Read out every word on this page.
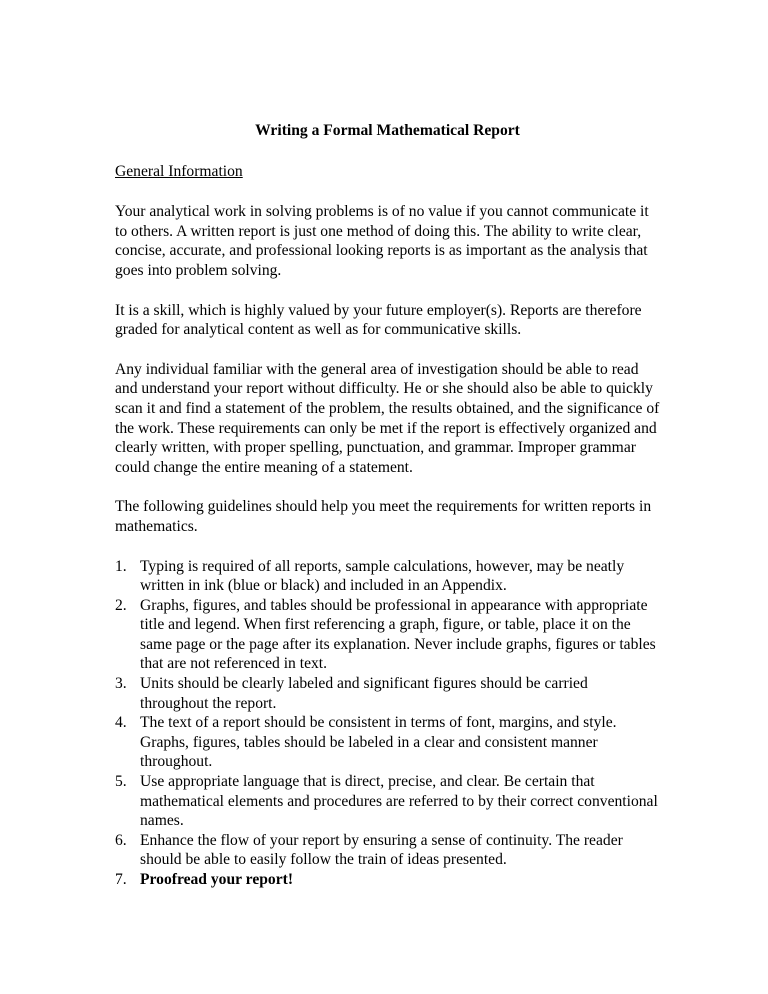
Writing a Formal Mathematical Report
General Information

Your analytical work in solving problems is of no value if you cannot communicate it to others. A written report is just one method of doing this. The ability to write clear, concise, accurate, and professional looking reports is as important as the analysis that goes into problem solving.

It is a skill, which is highly valued by your future employer(s). Reports are therefore graded for analytical content as well as for communicative skills.

Any individual familiar with the general area of investigation should be able to read and understand your report without difficulty. He or she should also be able to quickly scan it and find a statement of the problem, the results obtained, and the significance of the work. These requirements can only be met if the report is effectively organized and clearly written, with proper spelling, punctuation, and grammar. Improper grammar could change the entire meaning of a statement.

The following guidelines should help you meet the requirements for written reports in mathematics.

1. Typing is required of all reports, sample calculations, however, may be neatly written in ink (blue or black) and included in an Appendix.
2. Graphs, figures, and tables should be professional in appearance with appropriate title and legend. When first referencing a graph, figure, or table, place it on the same page or the page after its explanation. Never include graphs, figures or tables that are not referenced in text.
3. Units should be clearly labeled and significant figures should be carried throughout the report.
4. The text of a report should be consistent in terms of font, margins, and style. Graphs, figures, tables should be labeled in a clear and consistent manner throughout.
5. Use appropriate language that is direct, precise, and clear. Be certain that mathematical elements and procedures are referred to by their correct conventional names.
6. Enhance the flow of your report by ensuring a sense of continuity. The reader should be able to easily follow the train of ideas presented.
7. Proofread your report!
